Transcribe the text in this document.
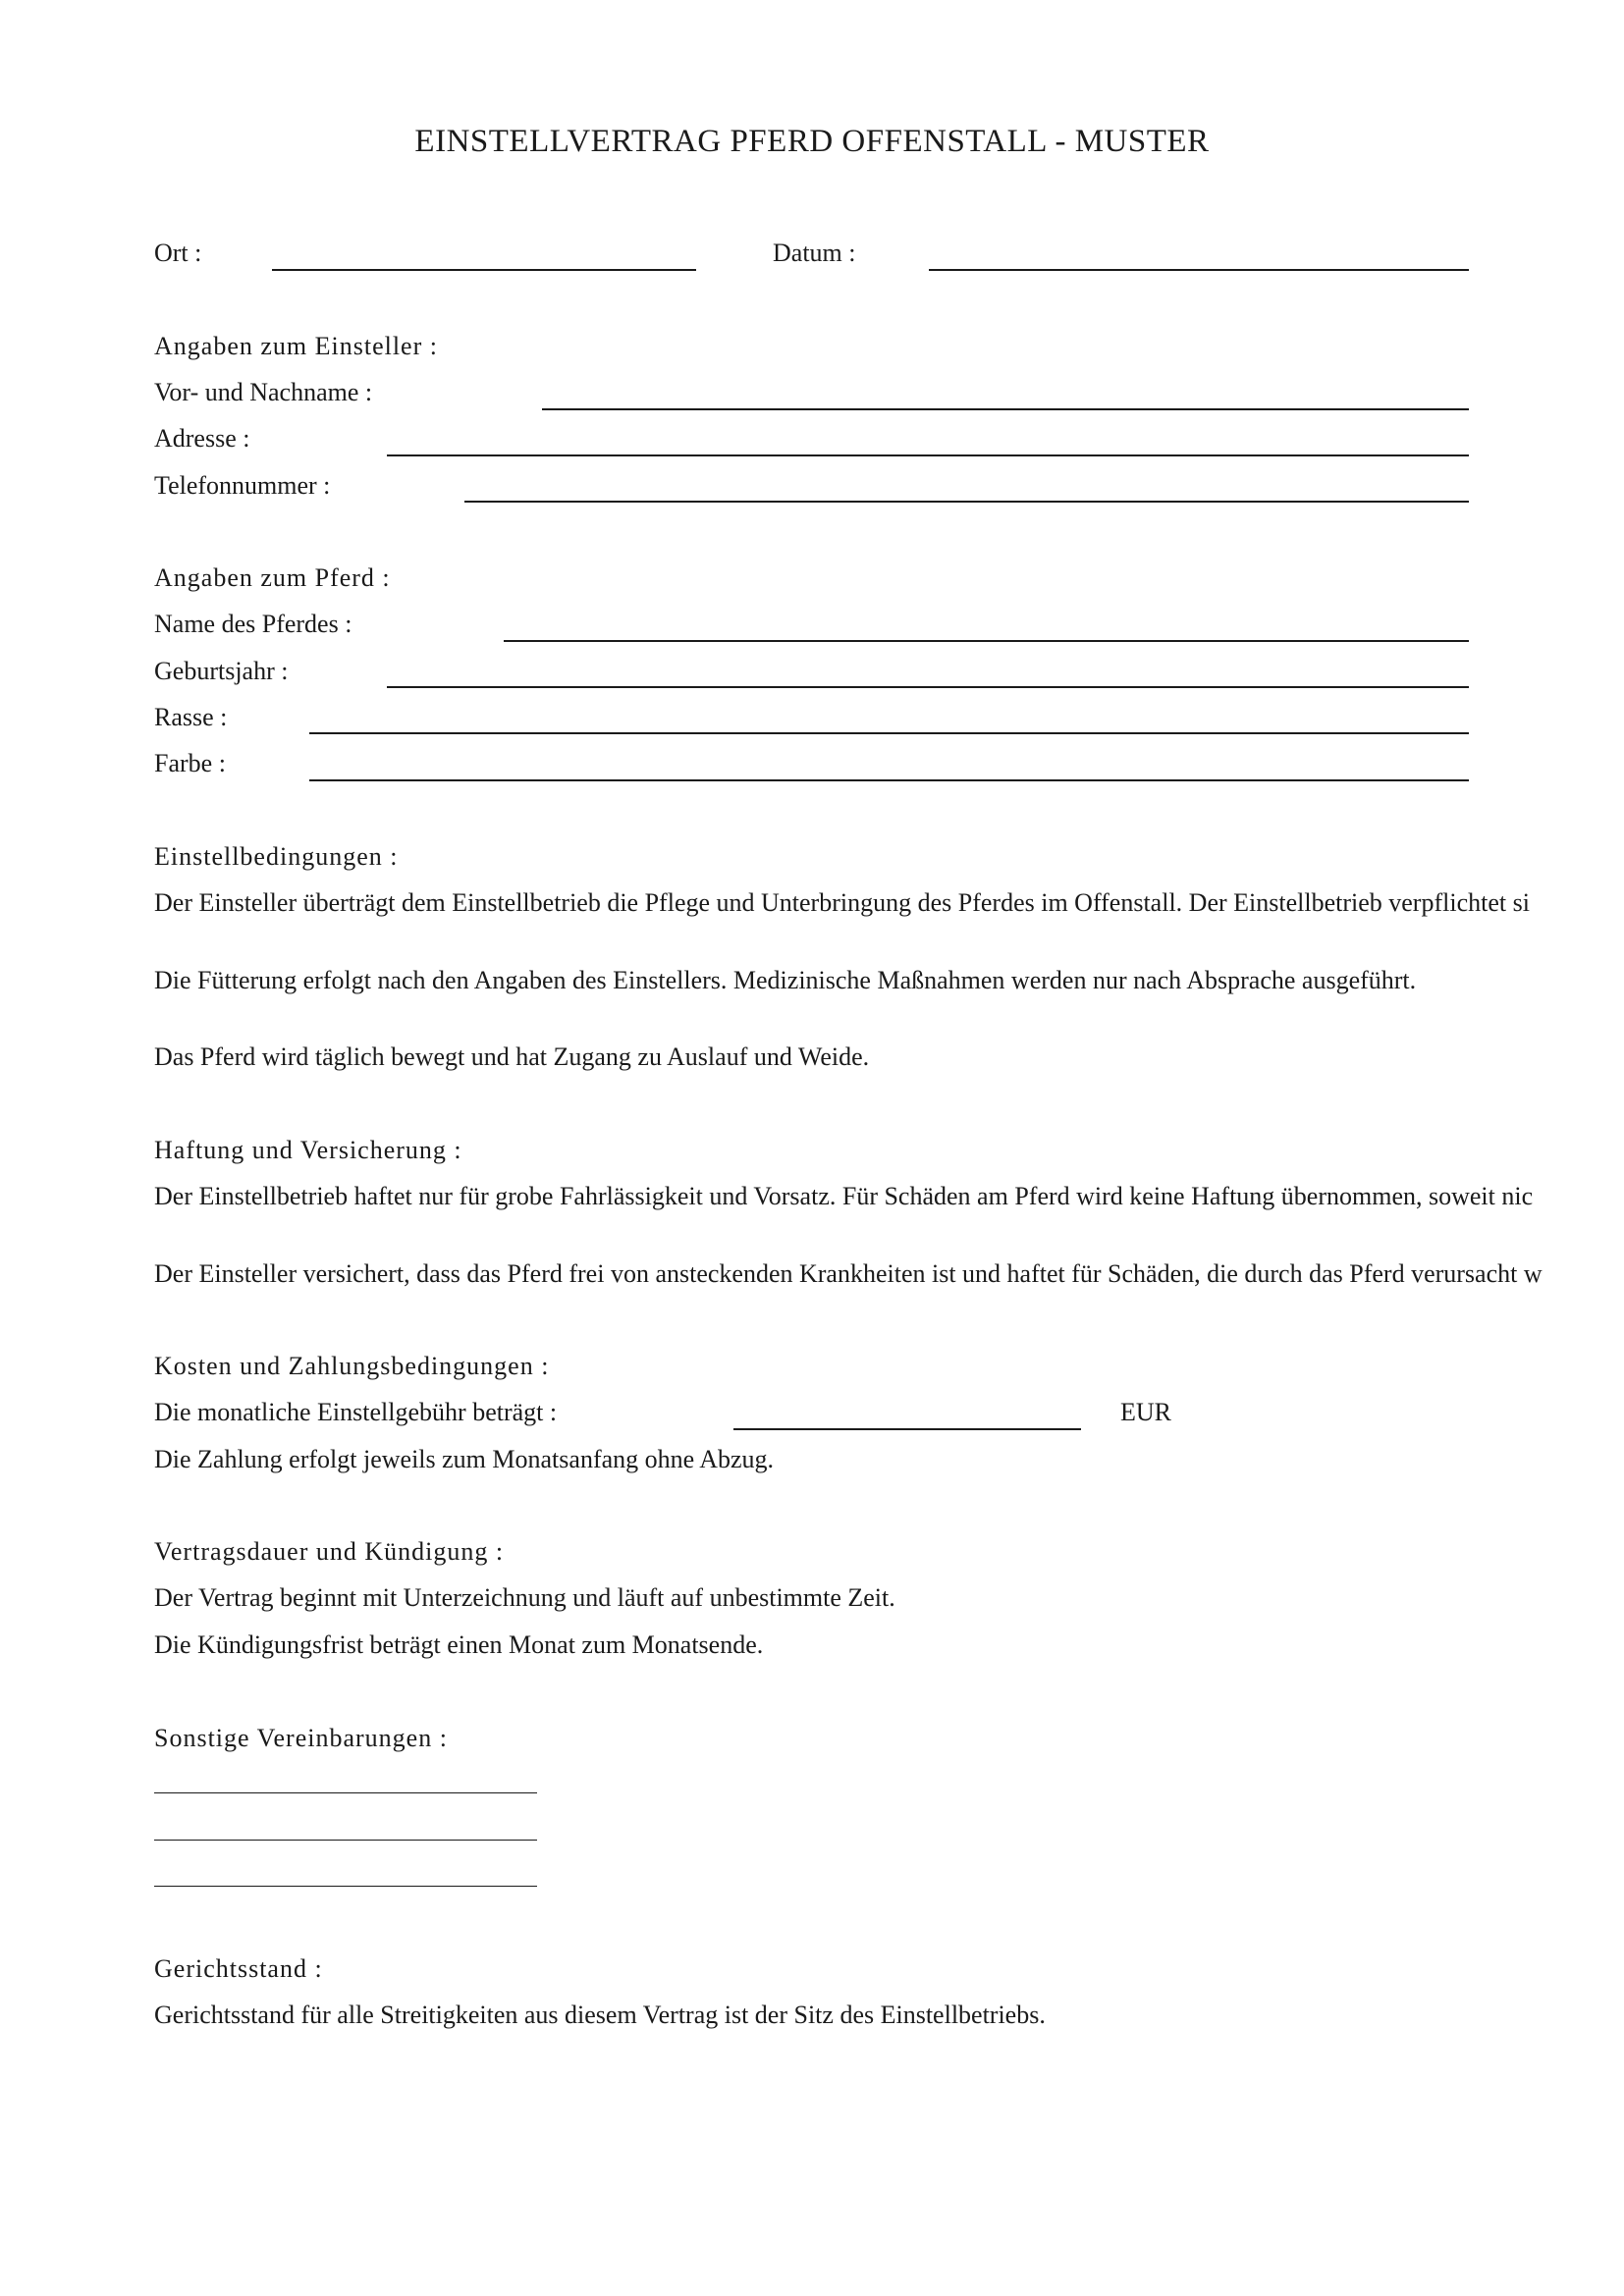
EINSTELLVERTRAG PFERD OFFENSTALL - MUSTER
Ort :	Datum :
Angaben zum Einsteller :
Vor- und Nachname :
Adresse :
Telefonnummer :
Angaben zum Pferd :
Name des Pferdes :
Geburtsjahr :
Rasse :
Farbe :
Einstellbedingungen :
Der Einsteller überträgt dem Einstellbetrieb die Pflege und Unterbringung des Pferdes im Offenstall. Der Einstellbetrieb verpflichtet si
Die Fütterung erfolgt nach den Angaben des Einstellers. Medizinische Maßnahmen werden nur nach Absprache ausgeführt.
Das Pferd wird täglich bewegt und hat Zugang zu Auslauf und Weide.
Haftung und Versicherung :
Der Einstellbetrieb haftet nur für grobe Fahrlässigkeit und Vorsatz. Für Schäden am Pferd wird keine Haftung übernommen, soweit nic
Der Einsteller versichert, dass das Pferd frei von ansteckenden Krankheiten ist und haftet für Schäden, die durch das Pferd verursacht w
Kosten und Zahlungsbedingungen :
Die monatliche Einstellgebühr beträgt :	EUR
Die Zahlung erfolgt jeweils zum Monatsanfang ohne Abzug.
Vertragsdauer und Kündigung :
Der Vertrag beginnt mit Unterzeichnung und läuft auf unbestimmte Zeit.
Die Kündigungsfrist beträgt einen Monat zum Monatsende.
Sonstige Vereinbarungen :
Gerichtsstand :
Gerichtsstand für alle Streitigkeiten aus diesem Vertrag ist der Sitz des Einstellbetriebs.
